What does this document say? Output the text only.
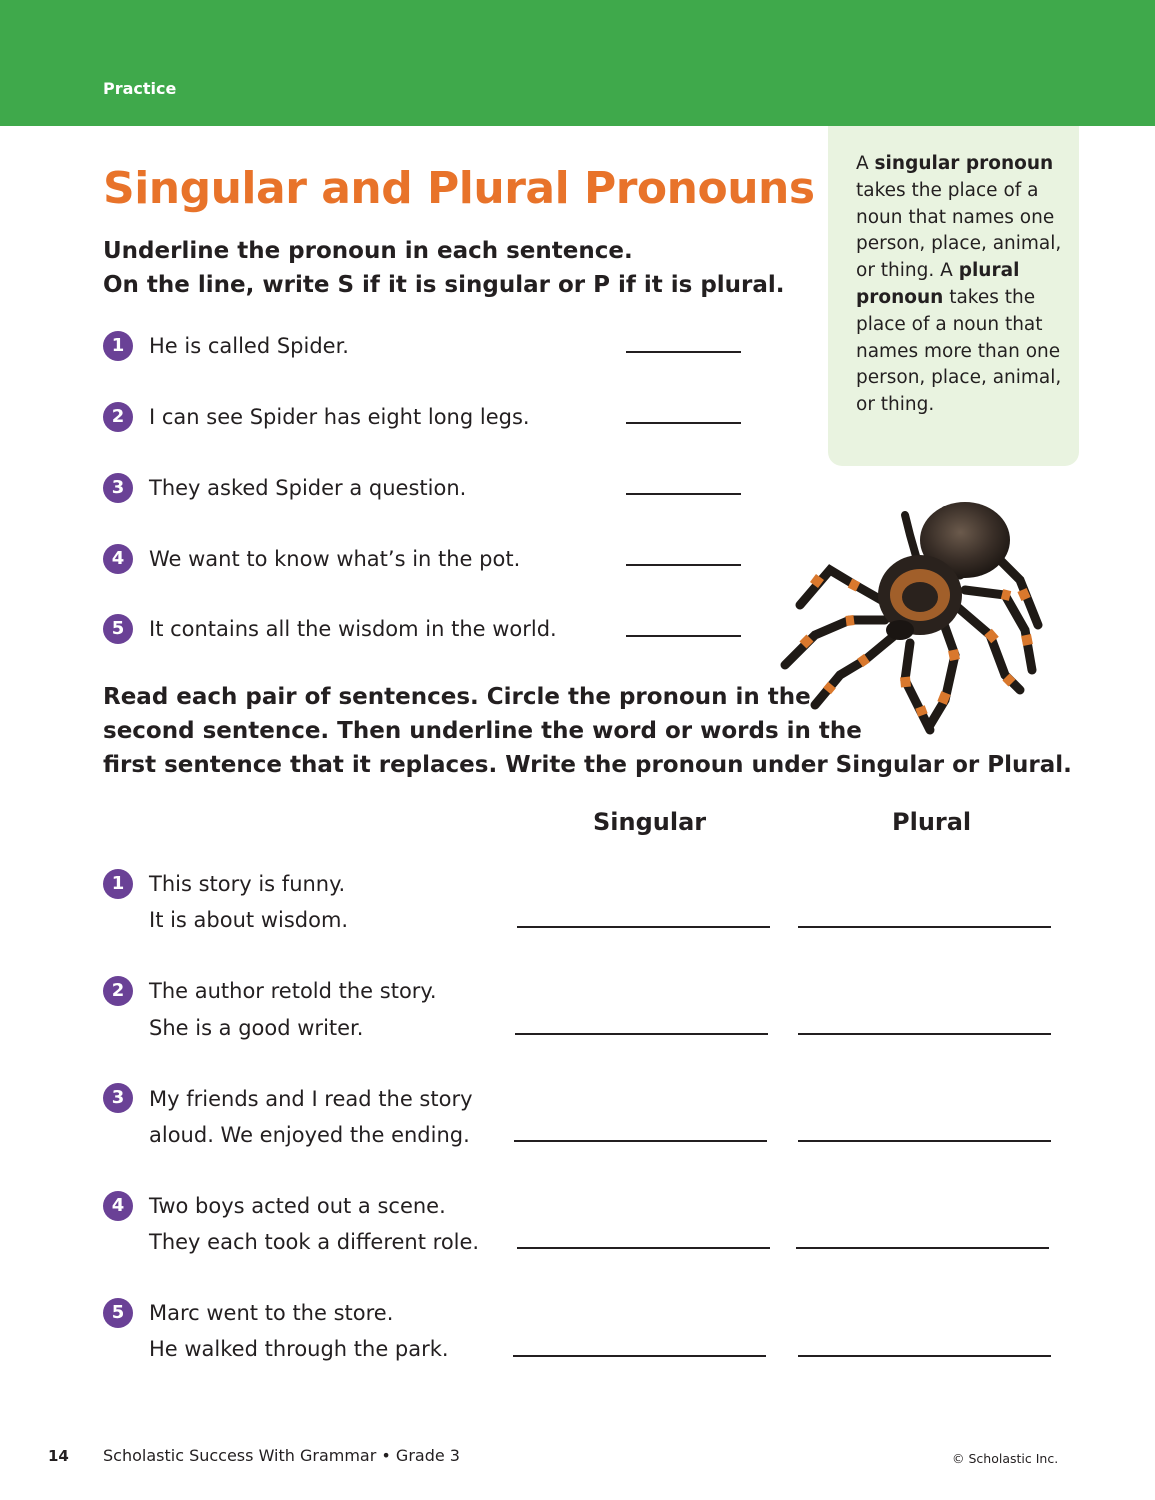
Practice
Singular and Plural Pronouns
Underline the pronoun in each sentence.
On the line, write S if it is singular or P if it is plural.
A singular pronoun takes the place of a noun that names one person, place, animal, or thing. A plural pronoun takes the place of a noun that names more than one person, place, animal, or thing.
1	He is called Spider.
2	I can see Spider has eight long legs.
3	They asked Spider a question.
4	We want to know what’s in the pot.
5	It contains all the wisdom in the world.
Read each pair of sentences. Circle the pronoun in the
second sentence. Then underline the word or words in the
first sentence that it replaces. Write the pronoun under Singular or Plural.
Singular	Plural
1	This story is funny.
It is about wisdom.
2	The author retold the story.
She is a good writer.
3	My friends and I read the story
aloud. We enjoyed the ending.
4	Two boys acted out a scene.
They each took a different role.
5	Marc went to the store.
He walked through the park.
14 Scholastic Success With Grammar • Grade 3	© Scholastic Inc.
